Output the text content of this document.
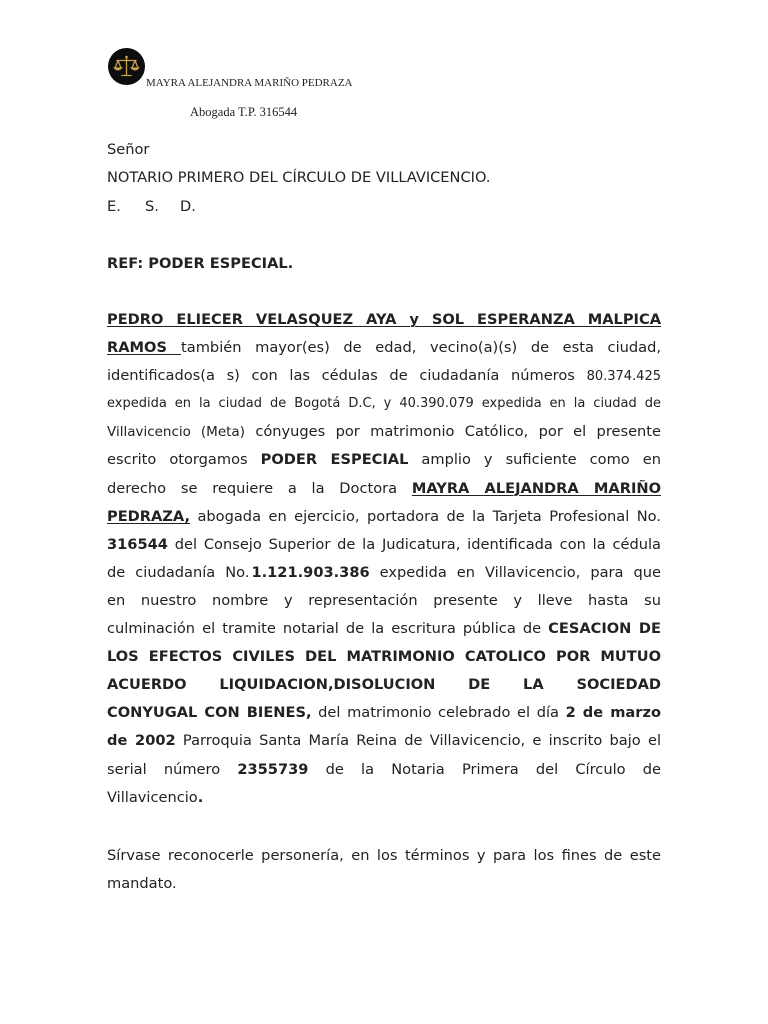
MAYRA ALEJANDRA MARIÑO PEDRAZA
Abogada T.P. 316544
Señor
NOTARIO PRIMERO DEL CÍRCULO DE VILLAVICENCIO.
E. S. D.
REF: PODER ESPECIAL.
PEDRO ELIECER VELASQUEZ AYA y SOL ESPERANZA MALPICA
RAMOS también mayor(es) de edad, vecino(a)(s) de esta ciudad,
identificados(a s) con las cédulas de ciudadanía números 80.374.425
expedida en la ciudad de Bogotá D.C, y 40.390.079 expedida en la ciudad de
Villavicencio (Meta) cónyuges por matrimonio Católico, por el presente
escrito otorgamos PODER ESPECIAL amplio y suficiente como en
derecho se requiere a la Doctora MAYRA ALEJANDRA MARIÑO
PEDRAZA, abogada en ejercicio, portadora de la Tarjeta Profesional No.
316544 del Consejo Superior de la Judicatura, identificada con la cédula
de ciudadanía No. 1.121.903.386 expedida en Villavicencio, para que
en nuestro nombre y representación presente y lleve hasta su
culminación el tramite notarial de la escritura pública de CESACION DE
LOS EFECTOS CIVILES DEL MATRIMONIO CATOLICO POR MUTUO
ACUERDO LIQUIDACION,DISOLUCION DE LA SOCIEDAD
CONYUGAL CON BIENES, del matrimonio celebrado el día 2 de marzo
de 2002 Parroquia Santa María Reina de Villavicencio, e inscrito bajo el
serial número 2355739 de la Notaria Primera del Círculo de
Villavicencio.
Sírvase reconocerle personería, en los términos y para los fines de este
mandato.
